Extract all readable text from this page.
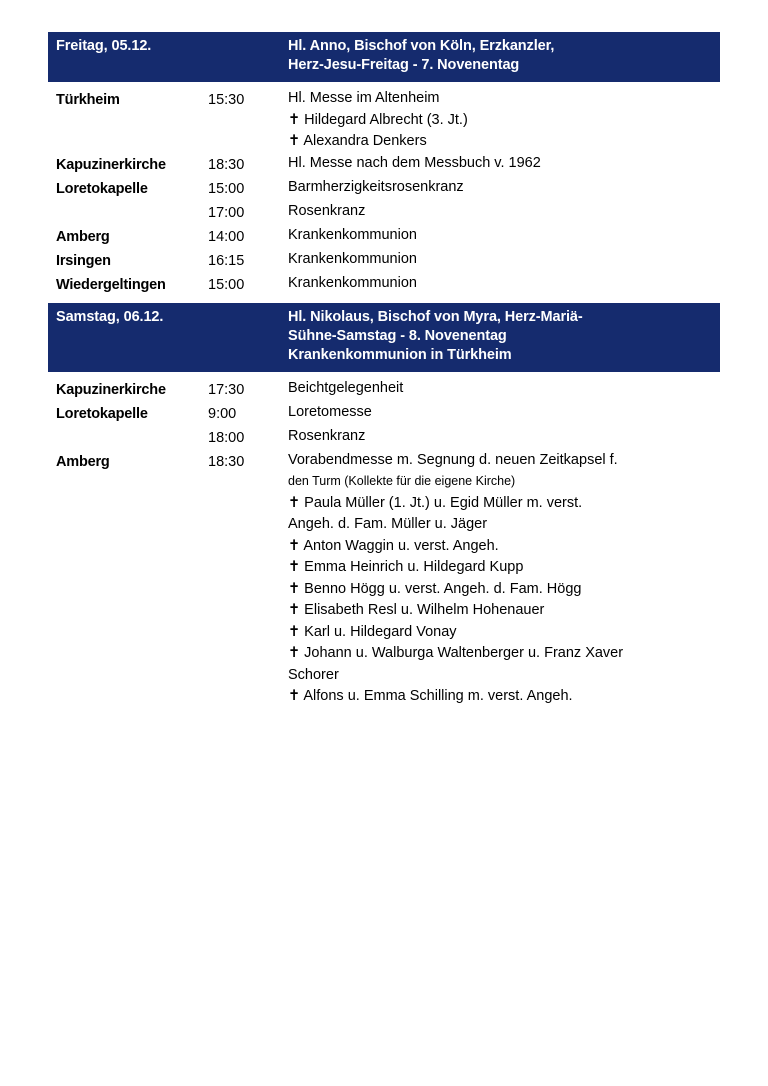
Freitag, 05.12.	Hl. Anno, Bischof von Köln, Erzkanzler,
Herz-Jesu-Freitag - 7. Novenentag
Türkheim	15:30	Hl. Messe im Altenheim
✝ Hildegard Albrecht (3. Jt.)
✝ Alexandra Denkers
Kapuzinerkirche	18:30	Hl. Messe nach dem Messbuch v. 1962
Loretokapelle	15:00	Barmherzigkeitsrosenkranz
17:00	Rosenkranz
Amberg	14:00	Krankenkommunion
Irsingen	16:15	Krankenkommunion
Wiedergeltingen	15:00	Krankenkommunion
Samstag, 06.12.	Hl. Nikolaus, Bischof von Myra, Herz-Mariä-
Sühne-Samstag - 8. Novenentag
Krankenkommunion in Türkheim
Kapuzinerkirche	17:30	Beichtgelegenheit
Loretokapelle	9:00	Loretomesse
18:00	Rosenkranz
Amberg	18:30	Vorabendmesse m. Segnung d. neuen Zeitkapsel f.
den Turm (Kollekte für die eigene Kirche)
✝ Paula Müller (1. Jt.) u. Egid Müller m. verst.
Angeh. d. Fam. Müller u. Jäger
✝ Anton Waggin u. verst. Angeh.
✝ Emma Heinrich u. Hildegard Kupp
✝ Benno Högg u. verst. Angeh. d. Fam. Högg
✝ Elisabeth Resl u. Wilhelm Hohenauer
✝ Karl u. Hildegard Vonay
✝ Johann u. Walburga Waltenberger u. Franz Xaver
Schorer
✝ Alfons u. Emma Schilling m. verst. Angeh.
